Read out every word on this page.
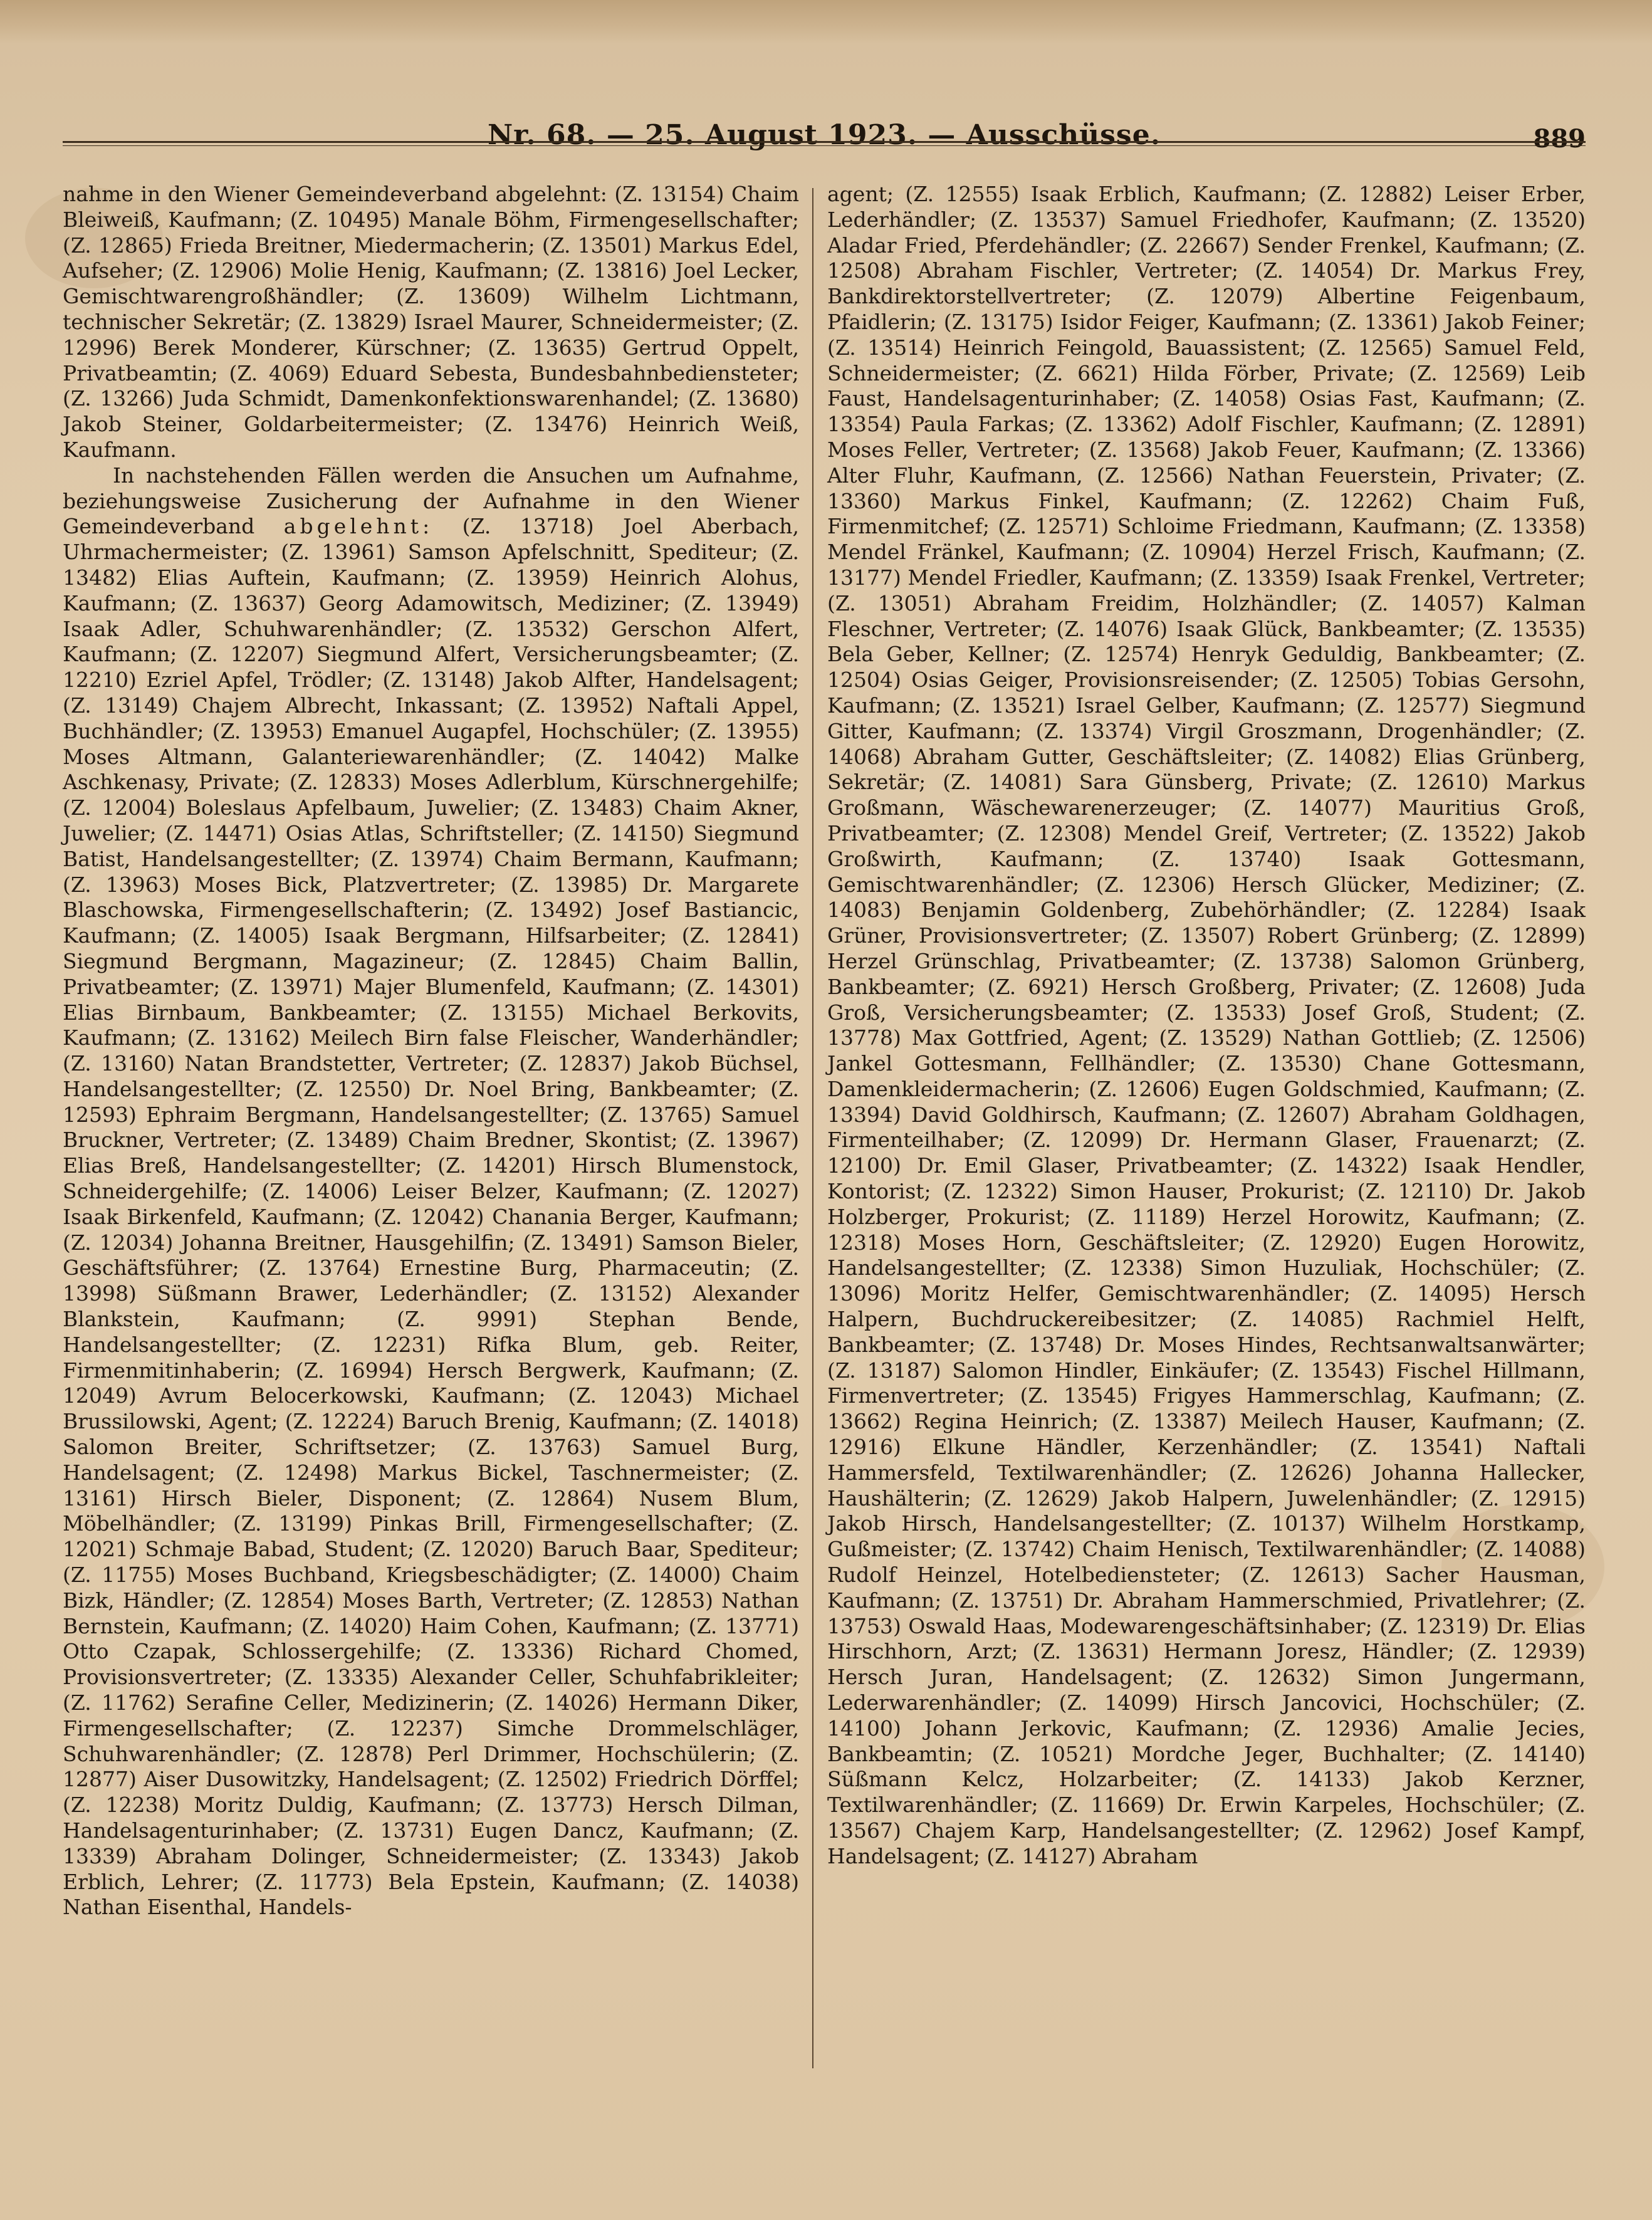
Nr. 68. — 25. August 1923. — Ausschüsse.	889

nahme in den Wiener Gemeindeverband abgelehnt: (Z. 13154) Chaim Bleiweiß, Kaufmann; (Z. 10495) Manale Böhm, Firmengesellschafter; (Z. 12865) Frieda Breitner, Miedermacherin; (Z. 13501) Markus Edel, Aufseher; (Z. 12906) Molie Henig, Kaufmann; (Z. 13816) Joel Lecker, Gemischtwarengroßhändler; (Z. 13609) Wilhelm Lichtmann, technischer Sekretär; (Z. 13829) Israel Maurer, Schneidermeister; (Z. 12996) Berek Monderer, Kürschner; (Z. 13635) Gertrud Oppelt, Privatbeamtin; (Z. 4069) Eduard Sebesta, Bundesbahnbediensteter; (Z. 13266) Juda Schmidt, Damenkonfektionswarenhandel; (Z. 13680) Jakob Steiner, Goldarbeitermeister; (Z. 13476) Heinrich Weiß, Kaufmann.

In nachstehenden Fällen werden die Ansuchen um Aufnahme, beziehungsweise Zusicherung der Aufnahme in den Wiener Gemeindeverband abgelehnt: (Z. 13718) Joel Aberbach, Uhrmachermeister; (Z. 13961) Samson Apfelschnitt, Spediteur; (Z. 13482) Elias Auftein, Kaufmann; (Z. 13959) Heinrich Alohus, Kaufmann; (Z. 13637) Georg Adamowitsch, Mediziner; (Z. 13949) Isaak Adler, Schuhwarenhändler; (Z. 13532) Gerschon Alfert, Kaufmann; (Z. 12207) Siegmund Alfert, Versicherungsbeamter; (Z. 12210) Ezriel Apfel, Trödler; (Z. 13148) Jakob Alfter, Handelsagent; (Z. 13149) Chajem Albrecht, Inkassant; (Z. 13952) Naftali Appel, Buchhändler; (Z. 13953) Emanuel Augapfel, Hochschüler; (Z. 13955) Moses Altmann, Galanteriewarenhändler; (Z. 14042) Malke Aschkenasy, Private; (Z. 12833) Moses Adlerblum, Kürschnergehilfe; (Z. 12004) Boleslaus Apfelbaum, Juwelier; (Z. 13483) Chaim Akner, Juwelier; (Z. 14471) Osias Atlas, Schriftsteller; (Z. 14150) Siegmund Batist, Handelsangestellter; (Z. 13974) Chaim Bermann, Kaufmann; (Z. 13963) Moses Bick, Platzvertreter; (Z. 13985) Dr. Margarete Blaschowska, Firmengesellschafterin; (Z. 13492) Josef Bastiancic, Kaufmann; (Z. 14005) Isaak Bergmann, Hilfsarbeiter; (Z. 12841) Siegmund Bergmann, Magazineur; (Z. 12845) Chaim Ballin, Privatbeamter; (Z. 13971) Majer Blumenfeld, Kaufmann; (Z. 14301) Elias Birnbaum, Bankbeamter; (Z. 13155) Michael Berkovits, Kaufmann; (Z. 13162) Meilech Birn false Fleischer, Wanderhändler; (Z. 13160) Natan Brandstetter, Vertreter; (Z. 12837) Jakob Büchsel, Handelsangestellter; (Z. 12550) Dr. Noel Bring, Bankbeamter; (Z. 12593) Ephraim Bergmann, Handelsangestellter; (Z. 13765) Samuel Bruckner, Vertreter; (Z. 13489) Chaim Bredner, Skontist; (Z. 13967) Elias Breß, Handelsangestellter; (Z. 14201) Hirsch Blumenstock, Schneidergehilfe; (Z. 14006) Leiser Belzer, Kaufmann; (Z. 12027) Isaak Birkenfeld, Kaufmann; (Z. 12042) Chanania Berger, Kaufmann; (Z. 12034) Johanna Breitner, Hausgehilfin; (Z. 13491) Samson Bieler, Geschäftsführer; (Z. 13764) Ernestine Burg, Pharmaceutin; (Z. 13998) Süßmann Brawer, Lederhändler; (Z. 13152) Alexander Blankstein, Kaufmann; (Z. 9991) Stephan Bende, Handelsangestellter; (Z. 12231) Rifka Blum, geb. Reiter, Firmenmitinhaberin; (Z. 16994) Hersch Bergwerk, Kaufmann; (Z. 12049) Avrum Belocerkowski, Kaufmann; (Z. 12043) Michael Brussilowski, Agent; (Z. 12224) Baruch Brenig, Kaufmann; (Z. 14018) Salomon Breiter, Schriftsetzer; (Z. 13763) Samuel Burg, Handelsagent; (Z. 12498) Markus Bickel, Taschnermeister; (Z. 13161) Hirsch Bieler, Disponent; (Z. 12864) Nusem Blum, Möbelhändler; (Z. 13199) Pinkas Brill, Firmengesellschafter; (Z. 12021) Schmaje Babad, Student; (Z. 12020) Baruch Baar, Spediteur; (Z. 11755) Moses Buchband, Kriegsbeschädigter; (Z. 14000) Chaim Bizk, Händler; (Z. 12854) Moses Barth, Vertreter; (Z. 12853) Nathan Bernstein, Kaufmann; (Z. 14020) Haim Cohen, Kaufmann; (Z. 13771) Otto Czapak, Schlossergehilfe; (Z. 13336) Richard Chomed, Provisionsvertreter; (Z. 13335) Alexander Celler, Schuhfabrikleiter; (Z. 11762) Serafine Celler, Medizinerin; (Z. 14026) Hermann Diker, Firmengesellschafter; (Z. 12237) Simche Drommelschläger, Schuhwarenhändler; (Z. 12878) Perl Drimmer, Hochschülerin; (Z. 12877) Aiser Dusowitzky, Handelsagent; (Z. 12502) Friedrich Dörffel; (Z. 12238) Moritz Duldig, Kaufmann; (Z. 13773) Hersch Dilman, Handelsagenturinhaber; (Z. 13731) Eugen Dancz, Kaufmann; (Z. 13339) Abraham Dolinger, Schneidermeister; (Z. 13343) Jakob Erblich, Lehrer; (Z. 11773) Bela Epstein, Kaufmann; (Z. 14038) Nathan Eisenthal, Handels-

agent; (Z. 12555) Isaak Erblich, Kaufmann; (Z. 12882) Leiser Erber, Lederhändler; (Z. 13537) Samuel Friedhofer, Kaufmann; (Z. 13520) Aladar Fried, Pferdehändler; (Z. 22667) Sender Frenkel, Kaufmann; (Z. 12508) Abraham Fischler, Vertreter; (Z. 14054) Dr. Markus Frey, Bankdirektorstellvertreter; (Z. 12079) Albertine Feigenbaum, Pfaidlerin; (Z. 13175) Isidor Feiger, Kaufmann; (Z. 13361) Jakob Feiner; (Z. 13514) Heinrich Feingold, Bauassistent; (Z. 12565) Samuel Feld, Schneidermeister; (Z. 6621) Hilda Förber, Private; (Z. 12569) Leib Faust, Handelsagenturinhaber; (Z. 14058) Osias Fast, Kaufmann; (Z. 13354) Paula Farkas; (Z. 13362) Adolf Fischler, Kaufmann; (Z. 12891) Moses Feller, Vertreter; (Z. 13568) Jakob Feuer, Kaufmann; (Z. 13366) Alter Fluhr, Kaufmann, (Z. 12566) Nathan Feuerstein, Privater; (Z. 13360) Markus Finkel, Kaufmann; (Z. 12262) Chaim Fuß, Firmenmitchef; (Z. 12571) Schloime Friedmann, Kaufmann; (Z. 13358) Mendel Fränkel, Kaufmann; (Z. 10904) Herzel Frisch, Kaufmann; (Z. 13177) Mendel Friedler, Kaufmann; (Z. 13359) Isaak Frenkel, Vertreter; (Z. 13051) Abraham Freidim, Holzhändler; (Z. 14057) Kalman Fleschner, Vertreter; (Z. 14076) Isaak Glück, Bankbeamter; (Z. 13535) Bela Geber, Kellner; (Z. 12574) Henryk Geduldig, Bankbeamter; (Z. 12504) Osias Geiger, Provisionsreisender; (Z. 12505) Tobias Gersohn, Kaufmann; (Z. 13521) Israel Gelber, Kaufmann; (Z. 12577) Siegmund Gitter, Kaufmann; (Z. 13374) Virgil Groszmann, Drogenhändler; (Z. 14068) Abraham Gutter, Geschäftsleiter; (Z. 14082) Elias Grünberg, Sekretär; (Z. 14081) Sara Günsberg, Private; (Z. 12610) Markus Großmann, Wäschewarenerzeuger; (Z. 14077) Mauritius Groß, Privatbeamter; (Z. 12308) Mendel Greif, Vertreter; (Z. 13522) Jakob Großwirth, Kaufmann; (Z. 13740) Isaak Gottesmann, Gemischtwarenhändler; (Z. 12306) Hersch Glücker, Mediziner; (Z. 14083) Benjamin Goldenberg, Zubehörhändler; (Z. 12284) Isaak Grüner, Provisionsvertreter; (Z. 13507) Robert Grünberg; (Z. 12899) Herzel Grünschlag, Privatbeamter; (Z. 13738) Salomon Grünberg, Bankbeamter; (Z. 6921) Hersch Großberg, Privater; (Z. 12608) Juda Groß, Versicherungsbeamter; (Z. 13533) Josef Groß, Student; (Z. 13778) Max Gottfried, Agent; (Z. 13529) Nathan Gottlieb; (Z. 12506) Jankel Gottesmann, Fellhändler; (Z. 13530) Chane Gottesmann, Damenkleidermacherin; (Z. 12606) Eugen Goldschmied, Kaufmann; (Z. 13394) David Goldhirsch, Kaufmann; (Z. 12607) Abraham Goldhagen, Firmenteilhaber; (Z. 12099) Dr. Hermann Glaser, Frauenarzt; (Z. 12100) Dr. Emil Glaser, Privatbeamter; (Z. 14322) Isaak Hendler, Kontorist; (Z. 12322) Simon Hauser, Prokurist; (Z. 12110) Dr. Jakob Holzberger, Prokurist; (Z. 11189) Herzel Horowitz, Kaufmann; (Z. 12318) Moses Horn, Geschäftsleiter; (Z. 12920) Eugen Horowitz, Handelsangestellter; (Z. 12338) Simon Huzuliak, Hochschüler; (Z. 13096) Moritz Helfer, Gemischtwarenhändler; (Z. 14095) Hersch Halpern, Buchdruckereibesitzer; (Z. 14085) Rachmiel Helft, Bankbeamter; (Z. 13748) Dr. Moses Hindes, Rechtsanwaltsanwärter; (Z. 13187) Salomon Hindler, Einkäufer; (Z. 13543) Fischel Hillmann, Firmenvertreter; (Z. 13545) Frigyes Hammerschlag, Kaufmann; (Z. 13662) Regina Heinrich; (Z. 13387) Meilech Hauser, Kaufmann; (Z. 12916) Elkune Händler, Kerzenhändler; (Z. 13541) Naftali Hammersfeld, Textilwarenhändler; (Z. 12626) Johanna Hallecker, Haushälterin; (Z. 12629) Jakob Halpern, Juwelenhändler; (Z. 12915) Jakob Hirsch, Handelsangestellter; (Z. 10137) Wilhelm Horstkamp, Gußmeister; (Z. 13742) Chaim Henisch, Textilwarenhändler; (Z. 14088) Rudolf Heinzel, Hotelbediensteter; (Z. 12613) Sacher Hausman, Kaufmann; (Z. 13751) Dr. Abraham Hammerschmied, Privatlehrer; (Z. 13753) Oswald Haas, Modewarengeschäftsinhaber; (Z. 12319) Dr. Elias Hirschhorn, Arzt; (Z. 13631) Hermann Joresz, Händler; (Z. 12939) Hersch Juran, Handelsagent; (Z. 12632) Simon Jungermann, Lederwarenhändler; (Z. 14099) Hirsch Jancovici, Hochschüler; (Z. 14100) Johann Jerkovic, Kaufmann; (Z. 12936) Amalie Jecies, Bankbeamtin; (Z. 10521) Mordche Jeger, Buchhalter; (Z. 14140) Süßmann Kelcz, Holzarbeiter; (Z. 14133) Jakob Kerzner, Textilwarenhändler; (Z. 11669) Dr. Erwin Karpeles, Hochschüler; (Z. 13567) Chajem Karp, Handelsangestellter; (Z. 12962) Josef Kampf, Handelsagent; (Z. 14127) Abraham
